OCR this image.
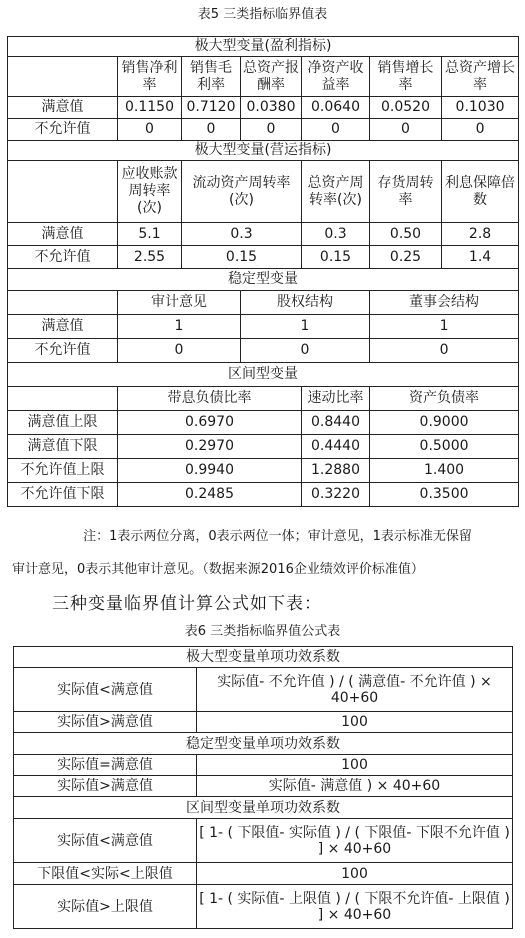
表5 三类指标临界值表
极大型变量(盈利指标)						
	销售净利率	销售毛利率	总资产报酬率	净资产收益率	销售增长率	总资产增长率
满意值	0.1150	0.7120	0.0380	0.0640	0.0520	0.1030
不允许值	0	0	0	0	0	0
极大型变量(营运指标)						
	应收账款周转率(次)	流动资产周转率(次)		总资产周转率(次)	存货周转率	利息保障倍数
满意值	5.1	0.3		0.3	0.50	2.8
不允许值	2.55	0.15		0.15	0.25	1.4
稳定型变量						
	审计意见		股权结构		董事会结构	
满意值	1		1		1	
不允许值	0		0		0	
区间型变量						
	带息负债比率			速动比率	资产负债率	
满意值上限	0.6970			0.8440	0.9000	
满意值下限	0.2970			0.4440	0.5000	
不允许值上限	0.9940			1.2880	1.400	
不允许值下限	0.2485			0.3220	0.3500	
注：1表示两位分离，0表示两位一体；审计意见，1表示标准无保留
审计意见，0表示其他审计意见。（数据来源2016企业绩效评价标准值）
三种变量临界值计算公式如下表：
表6 三类指标临界值公式表
极大型变量单项功效系数	
实际值<满意值	实际值- 不允许值 ) / ( 满意值- 不允许值 ) × 40+60
实际值>满意值	100
稳定型变量单项功效系数	
实际值=满意值	100
实际值>满意值	实际值- 满意值 ) × 40+60
区间型变量单项功效系数	
实际值<满意值	[ 1- ( 下限值- 实际值 ) / ( 下限值- 下限不允许值 ) ] × 40+60
下限值<实际<上限值	100
实际值>上限值	[ 1- ( 实际值- 上限值 ) / ( 下限不允许值- 上限值 ) ] × 40+60
